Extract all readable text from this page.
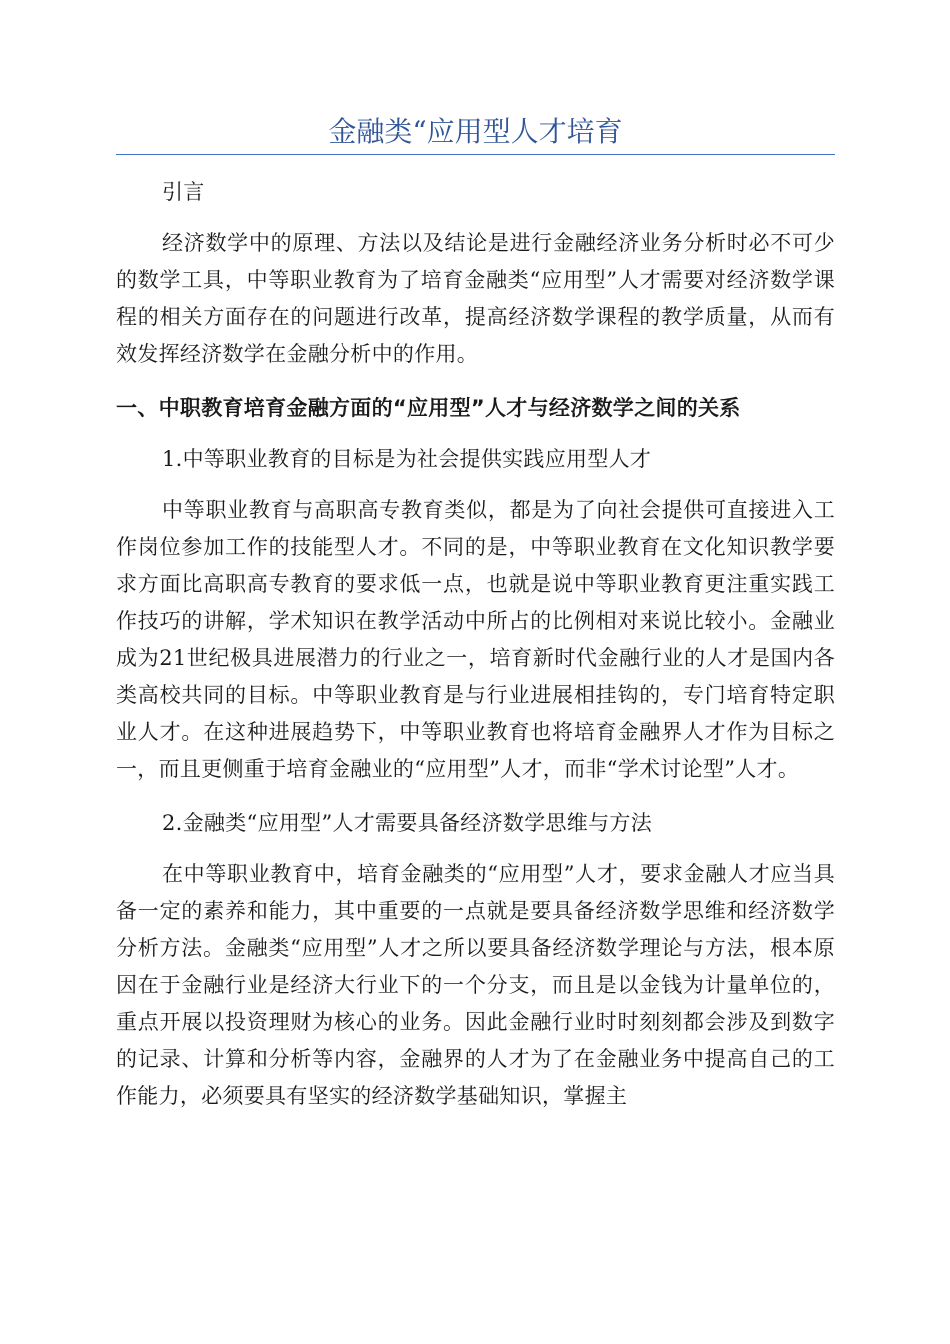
金融类“应用型人才培育

引言

经济数学中的原理、方法以及结论是进行金融经济业务分析时必不可少的数学工具，中等职业教育为了培育金融类“应用型”人才需要对经济数学课程的相关方面存在的问题进行改革，提高经济数学课程的教学质量，从而有效发挥经济数学在金融分析中的作用。

一、中职教育培育金融方面的“应用型”人才与经济数学之间的关系

1.中等职业教育的目标是为社会提供实践应用型人才

中等职业教育与高职高专教育类似，都是为了向社会提供可直接进入工作岗位参加工作的技能型人才。不同的是，中等职业教育在文化知识教学要求方面比高职高专教育的要求低一点，也就是说中等职业教育更注重实践工作技巧的讲解，学术知识在教学活动中所占的比例相对来说比较小。金融业成为21世纪极具进展潜力的行业之一，培育新时代金融行业的人才是国内各类高校共同的目标。中等职业教育是与行业进展相挂钩的，专门培育特定职业人才。在这种进展趋势下，中等职业教育也将培育金融界人才作为目标之一，而且更侧重于培育金融业的“应用型”人才，而非“学术讨论型”人才。

2.金融类“应用型”人才需要具备经济数学思维与方法

在中等职业教育中，培育金融类的“应用型”人才，要求金融人才应当具备一定的素养和能力，其中重要的一点就是要具备经济数学思维和经济数学分析方法。金融类“应用型”人才之所以要具备经济数学理论与方法，根本原因在于金融行业是经济大行业下的一个分支，而且是以金钱为计量单位的，重点开展以投资理财为核心的业务。因此金融行业时时刻刻都会涉及到数字的记录、计算和分析等内容，金融界的人才为了在金融业务中提高自己的工作能力，必须要具有坚实的经济数学基础知识，掌握主
